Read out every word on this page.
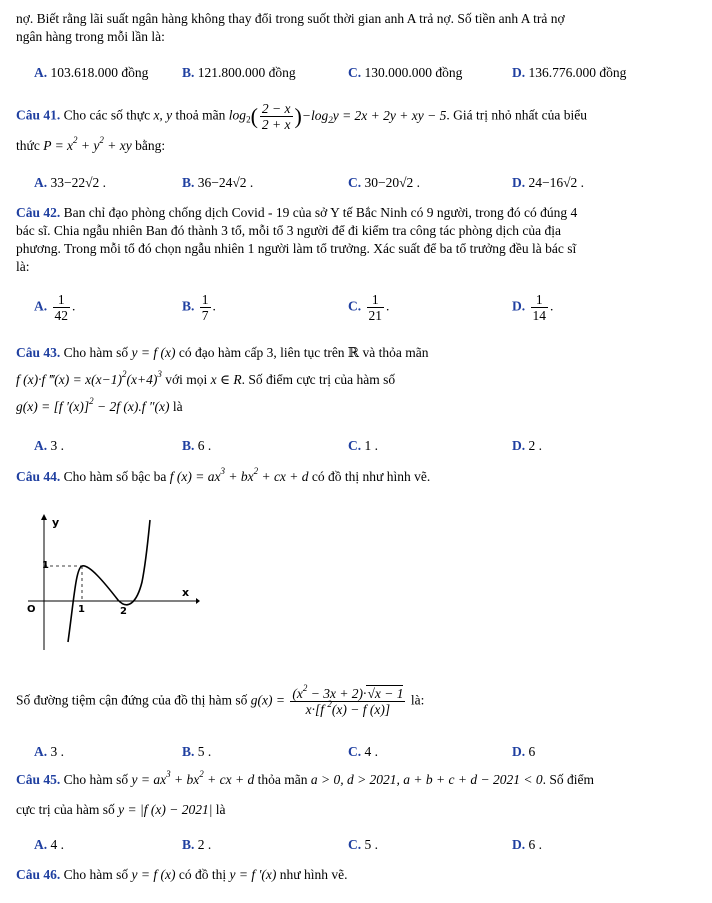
nợ. Biết rằng lãi suất ngân hàng không thay đổi trong suốt thời gian anh A trả nợ. Số tiền anh A trả nợ
ngân hàng trong mỗi lần là:
A. 103.618.000 đồng B. 121.800.000 đồng	C. 130.000.000 đồng	D. 136.776.000 đồng
Câu 41. Cho các số thực x, y thoả mãn $\log_2( \frac{2 - x}{2 + x} )-\log_2y = 2x + 2y$ + xy − 5. Giá trị nhỏ nhất của biểu
thức $P = x^2 + y^2$ + xy bằng:
A. 33−22√2 .	B. 36−24√2 .	C. 30−20√2 .	D. 24−16√2 .
Câu 42. Ban chỉ đạo phòng chống dịch Covid - 19 của sở Y tế Bắc Ninh có 9 người, trong đó có đúng 4
bác sĩ. Chia ngẫu nhiên Ban đó thành 3 tổ, mỗi tổ 3 người để đi kiểm tra công tác phòng dịch của địa
phương. Trong mỗi tổ đó chọn ngẫu nhiên 1 người làm tổ trưởng. Xác suất để ba tổ trưởng đều là bác sĩ
là:
A. $\frac{1}{42}$ .	B. $\frac{1}{7}$ .	C. $\frac{1}{21}$ .	D. $\frac{1}{14}$ .
Câu 43. Cho hàm số y = f (x) có đạo hàm cấp 3, liên tục trên ℝ và thỏa mãn
f (x)·f ‴(x) = $x(x-1)^2(x+4)^3$ với mọi x ∈ R. Số điểm cực trị của hàm số
g(x) = [f ′(x)]$^2$ − 2f (x).f ″(x) là
A. 3 .	B. 6 .	C. 1 .	D. 2 .
Câu 44. Cho hàm số bậc ba f $(x) = ax^3 + bx^2$ + cx + d có đồ thị như hình vẽ.
y
x
O	1	2
1
Số đường tiệm cận đứng của đồ thị hàm số $g(x) = \frac{(x^2 - 3x + 2)\cdot√x - 1}{x\cdot[f ^2(x) - f (x)]}$ là:
A. 3 .	B. 5 .	C. 4 .	D. 6
Câu 45. Cho hàm số $y = ax^3 + bx^2$ + cx + d thỏa mãn a > 0, d > 2021, a + b + c + d − 2021 < 0. Số điểm
cực trị của hàm số y = |f (x) − 2021| là
A. 4 .	B. 2 .	C. 5 .	D. 6 .
Câu 46. Cho hàm số y = f (x) có đồ thị y = f ′(x) như hình vẽ.
